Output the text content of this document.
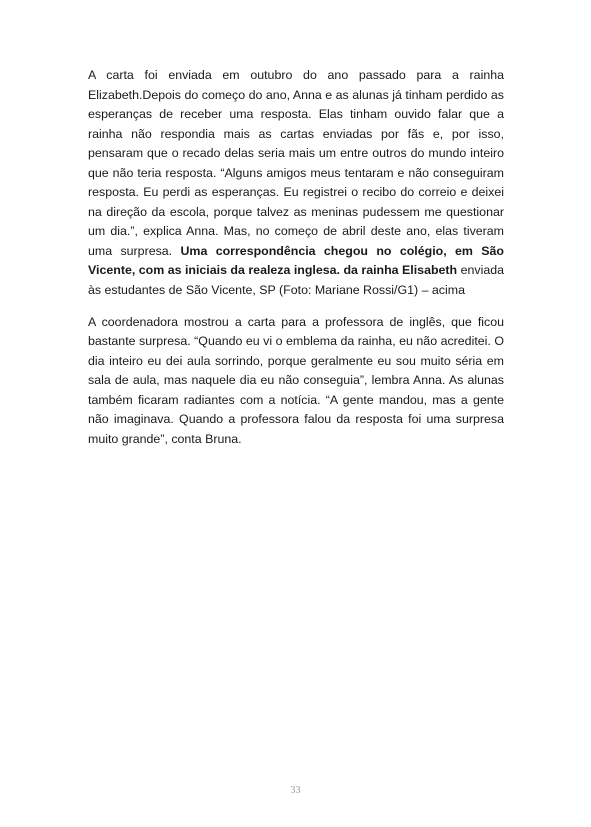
A carta foi enviada em outubro do ano passado para a rainha Elizabeth.Depois do começo do ano, Anna e as alunas já tinham perdido as esperanças de receber uma resposta. Elas tinham ouvido falar que a rainha não respondia mais as cartas enviadas por fãs e, por isso, pensaram que o recado delas seria mais um entre outros do mundo inteiro que não teria resposta. “Alguns amigos meus tentaram e não conseguiram resposta. Eu perdi as esperanças. Eu registrei o recibo do correio e deixei na direção da escola, porque talvez as meninas pudessem me questionar um dia.”, explica Anna. Mas, no começo de abril deste ano, elas tiveram uma surpresa. Uma correspondência chegou no colégio, em São Vicente, com as iniciais da realeza inglesa. da rainha Elisabeth enviada às estudantes de São Vicente, SP (Foto: Mariane Rossi/G1) – acima

A coordenadora mostrou a carta para a professora de inglês, que ficou bastante surpresa. “Quando eu vi o emblema da rainha, eu não acreditei. O dia inteiro eu dei aula sorrindo, porque geralmente eu sou muito séria em sala de aula, mas naquele dia eu não conseguia”, lembra Anna. As alunas também ficaram radiantes com a notícia. “A gente mandou, mas a gente não imaginava. Quando a professora falou da resposta foi uma surpresa muito grande”, conta Bruna.

33
